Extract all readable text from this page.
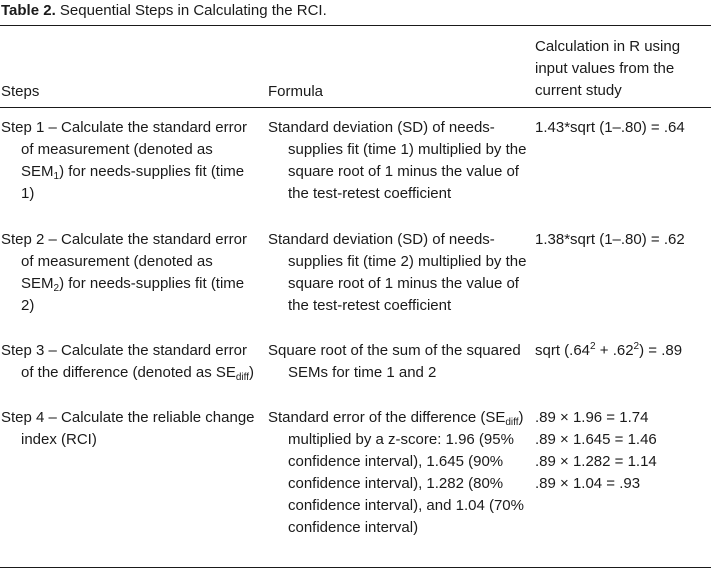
Table 2. Sequential Steps in Calculating the RCI.
Steps	Formula
Calculation in R using input values from the current study
Step 1 – Calculate the standard error of measurement (denoted as $SEM_1$) for needs-supplies fit (time 1)
Standard deviation (SD) of needs-supplies fit (time 1) multiplied by the square root of 1 minus the value of the test-retest coefficient
1.43*sqrt (1–.80) = .64
Step 2 – Calculate the standard error of measurement (denoted as $SEM_2$) for needs-supplies fit (time 2)
Standard deviation (SD) of needs-supplies fit (time 2) multiplied by the square root of 1 minus the value of the test-retest coefficient
1.38*sqrt (1–.80) = .62
Step 3 – Calculate the standard error of the difference (denoted as $SE_{diff}$)
Square root of the sum of the squared SEMs for time 1 and 2
sqrt $(.64^2 + .62^2) = .89$
Step 4 – Calculate the reliable change index (RCI)
Standard error of the difference $(SE_{diff})$ multiplied by a z-score: 1.96 (95% confidence interval), 1.645 (90% confidence interval), 1.282 (80% confidence interval), and 1.04 (70% confidence interval)
.89 × 1.96 = 1.74
.89 × 1.645 = 1.46
.89 × 1.282 = 1.14
.89 × 1.04 = .93
